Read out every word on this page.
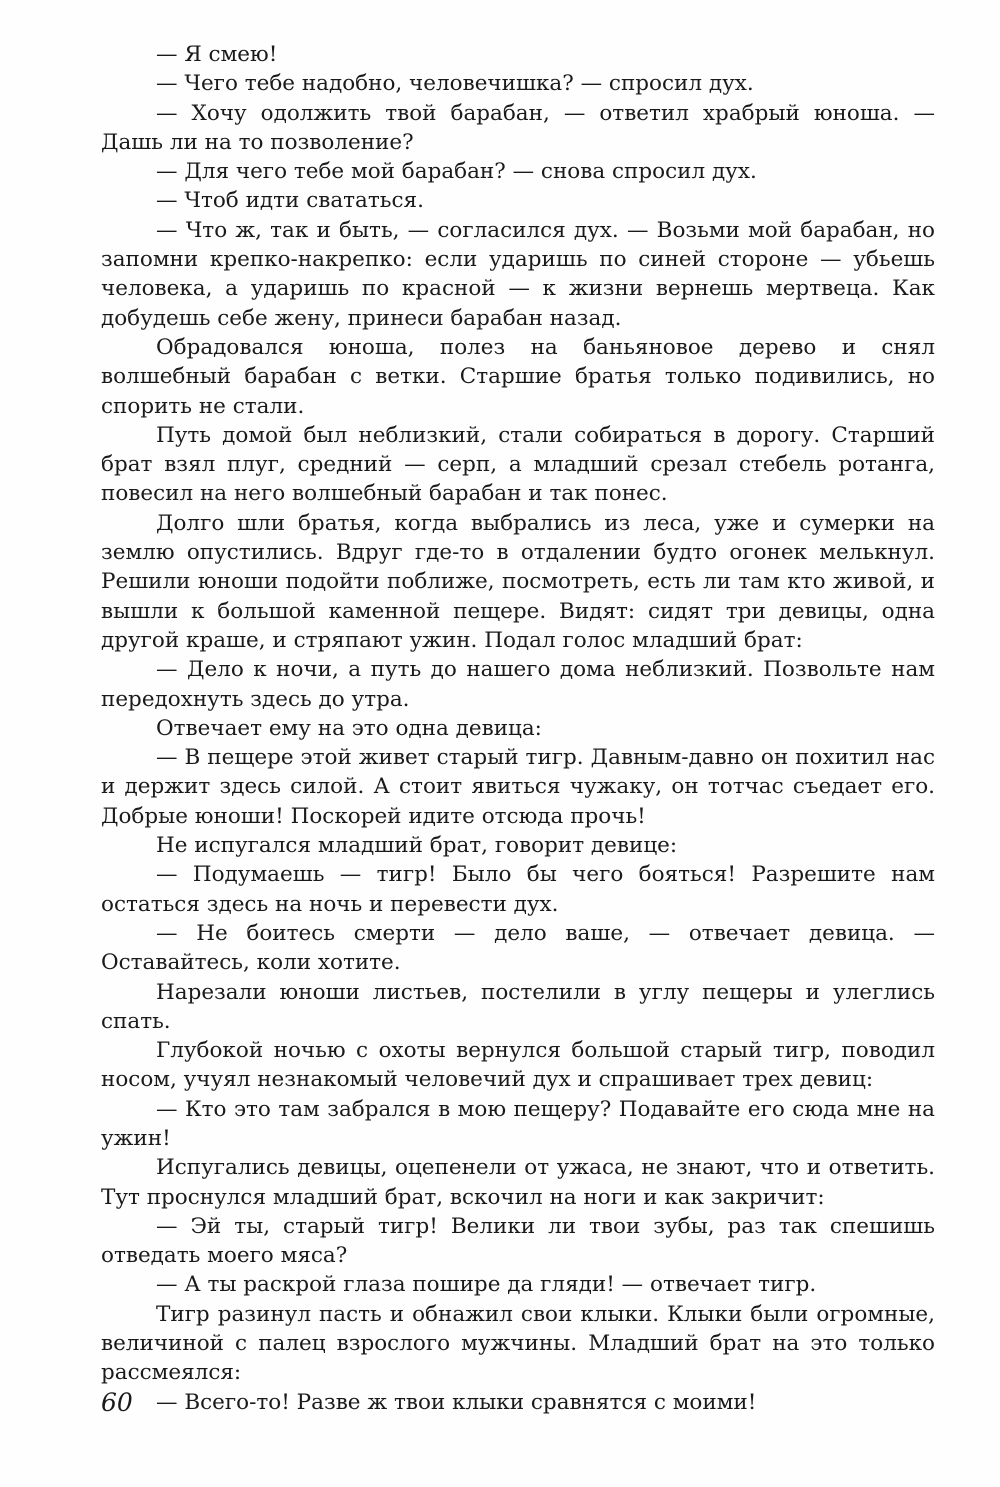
— Я смею!

— Чего тебе надобно, человечишка? — спросил дух.

— Хочу одолжить твой барабан, — ответил храбрый юноша. — Дашь ли на то позволение?

— Для чего тебе мой барабан? — снова спросил дух.

— Чтоб идти свататься.

— Что ж, так и быть, — согласился дух. — Возьми мой барабан, но запомни крепко-накрепко: если ударишь по синей стороне — убьешь человека, а ударишь по красной — к жизни вернешь мертвеца. Как добудешь себе жену, принеси барабан назад.

Обрадовался юноша, полез на баньяновое дерево и снял волшебный барабан с ветки. Старшие братья только подивились, но спорить не стали.

Путь домой был неблизкий, стали собираться в дорогу. Старший брат взял плуг, средний — серп, а младший срезал стебель ротанга, повесил на него волшебный барабан и так понес.

Долго шли братья, когда выбрались из леса, уже и сумерки на землю опустились. Вдруг где-то в отдалении будто огонек мелькнул. Решили юноши подойти поближе, посмотреть, есть ли там кто живой, и вышли к большой каменной пещере. Видят: сидят три девицы, одна другой краше, и стряпают ужин. Подал голос младший брат:

— Дело к ночи, а путь до нашего дома неблизкий. Позвольте нам передохнуть здесь до утра.

Отвечает ему на это одна девица:

— В пещере этой живет старый тигр. Давным-давно он похитил нас и держит здесь силой. А стоит явиться чужаку, он тотчас съедает его. Добрые юноши! Поскорей идите отсюда прочь!

Не испугался младший брат, говорит девице:

— Подумаешь — тигр! Было бы чего бояться! Разрешите нам остаться здесь на ночь и перевести дух.

— Не боитесь смерти — дело ваше, — отвечает девица. — Оставайтесь, коли хотите.

Нарезали юноши листьев, постелили в углу пещеры и улеглись спать.

Глубокой ночью с охоты вернулся большой старый тигр, поводил носом, учуял незнакомый человечий дух и спрашивает трех девиц:

— Кто это там забрался в мою пещеру? Подавайте его сюда мне на ужин!

Испугались девицы, оцепенели от ужаса, не знают, что и ответить. Тут проснулся младший брат, вскочил на ноги и как закричит:

— Эй ты, старый тигр! Велики ли твои зубы, раз так спешишь отведать моего мяса?

— А ты раскрой глаза пошире да гляди! — отвечает тигр.

Тигр разинул пасть и обнажил свои клыки. Клыки были огромные, величиной с палец взрослого мужчины. Младший брат на это только рассмеялся:

— Всего-то! Разве ж твои клыки сравнятся с моими!

60
